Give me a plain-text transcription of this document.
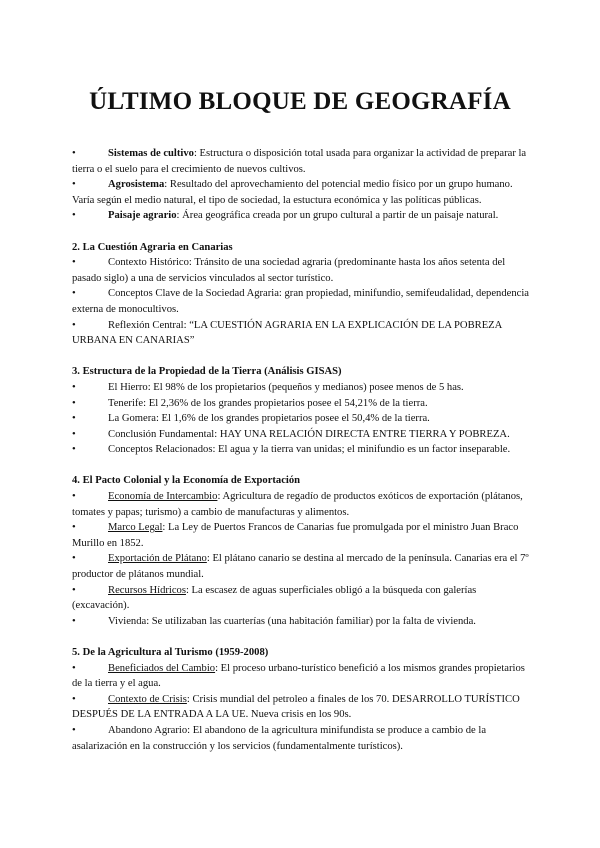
ÚLTIMO BLOQUE DE GEOGRAFÍA

•	Sistemas de cultivo: Estructura o disposición total usada para organizar la actividad de preparar la tierra o el suelo para el crecimiento de nuevos cultivos.

•	Agrosistema: Resultado del aprovechamiento del potencial medio físico por un grupo humano. Varía según el medio natural, el tipo de sociedad, la estuctura económica y las políticas públicas.

•	Paisaje agrario: Área geográfica creada por un grupo cultural a partir de un paisaje natural.

2. La Cuestión Agraria en Canarias

•	Contexto Histórico: Tránsito de una sociedad agraria (predominante hasta los años setenta del pasado siglo) a una de servicios vinculados al sector turístico.

•	Conceptos Clave de la Sociedad Agraria: gran propiedad, minifundio, semifeudalidad, dependencia externa de monocultivos.

•	Reflexión Central: “LA CUESTIÓN AGRARIA EN LA EXPLICACIÓN DE LA POBREZA URBANA EN CANARIAS”

3. Estructura de la Propiedad de la Tierra (Análisis GISAS)

•	El Hierro: El 98% de los propietarios (pequeños y medianos) posee menos de 5 has.

•	Tenerife: El 2,36% de los grandes propietarios posee el 54,21% de la tierra.

•	La Gomera: El 1,6% de los grandes propietarios posee el 50,4% de la tierra.

•	Conclusión Fundamental: HAY UNA RELACIÓN DIRECTA ENTRE TIERRA Y POBREZA.

•	Conceptos Relacionados: El agua y la tierra van unidas; el minifundio es un factor inseparable.

4. El Pacto Colonial y la Economía de Exportación

•	Economía de Intercambio: Agricultura de regadío de productos exóticos de exportación (plátanos, tomates y papas; turismo) a cambio de manufacturas y alimentos.

•	Marco Legal: La Ley de Puertos Francos de Canarias fue promulgada por el ministro Juan Braco Murillo en 1852.

•	Exportación de Plátano: El plátano canario se destina al mercado de la península. Canarias era el 7º productor de plátanos mundial.

•	Recursos Hídricos: La escasez de aguas superficiales obligó a la búsqueda con galerías (excavación).

•	Vivienda: Se utilizaban las cuarterías (una habitación familiar) por la falta de vivienda.

5. De la Agricultura al Turismo (1959-2008)

•	Beneficiados del Cambio: El proceso urbano-turístico benefició a los mismos grandes propietarios de la tierra y el agua.

•	Contexto de Crisis: Crisis mundial del petroleo a finales de los 70. DESARROLLO TURÍSTICO DESPUÉS DE LA ENTRADA A LA UE. Nueva crisis en los 90s.

•	Abandono Agrario: El abandono de la agricultura minifundista se produce a cambio de la asalarización en la construcción y los servicios (fundamentalmente turísticos).
